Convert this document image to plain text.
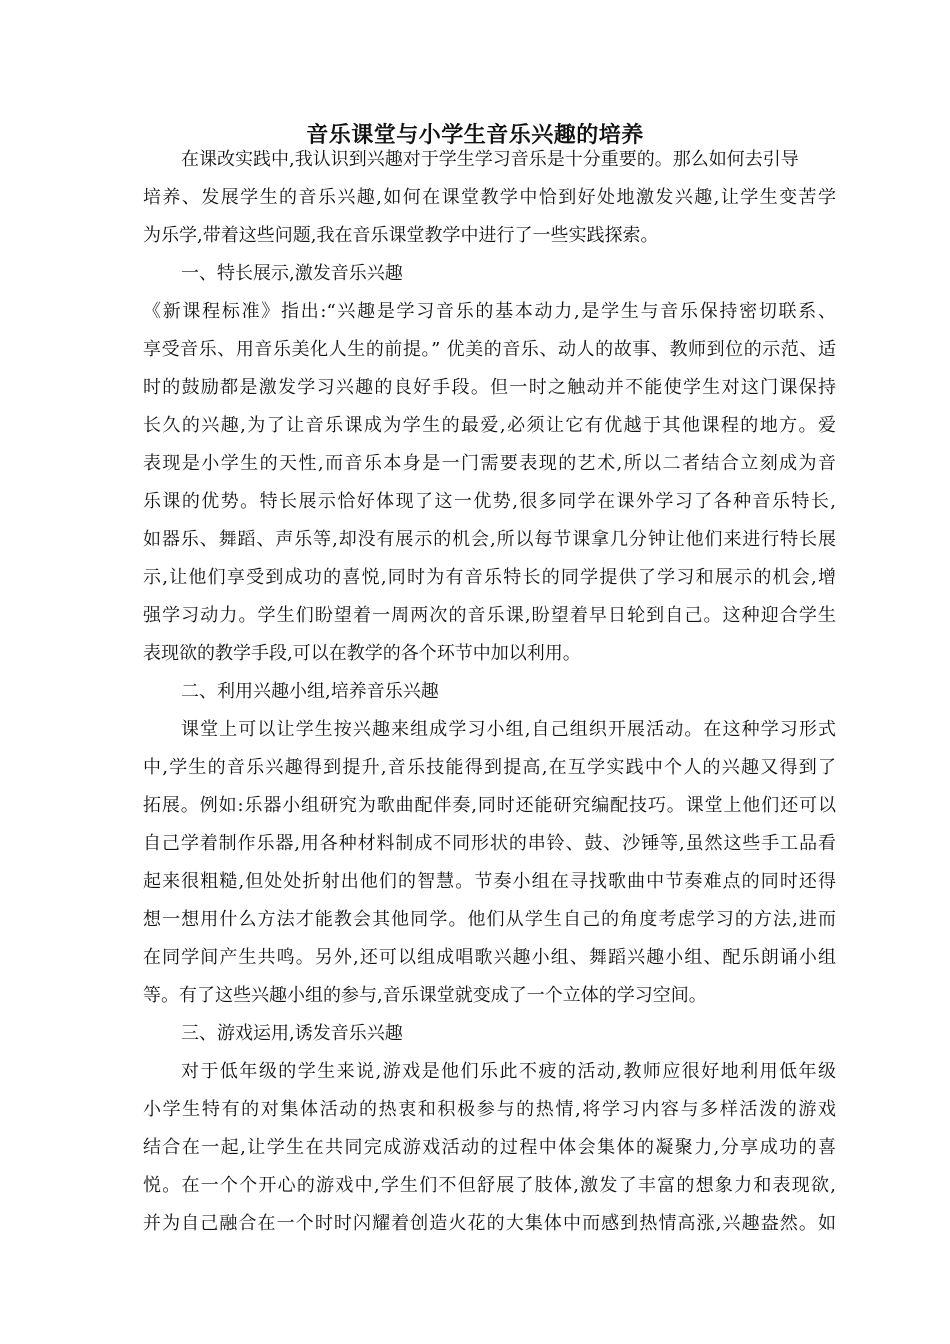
音乐课堂与小学生音乐兴趣的培养
在课改实践中,我认识到兴趣对于学生学习音乐是十分重要的。那么如何去引导
培养、发展学生的音乐兴趣,如何在课堂教学中恰到好处地激发兴趣,让学生变苦学
为乐学,带着这些问题,我在音乐课堂教学中进行了一些实践探索。
一、特长展示,激发音乐兴趣
《新课程标准》指出:“兴趣是学习音乐的基本动力,是学生与音乐保持密切联系、
享受音乐、用音乐美化人生的前提。” 优美的音乐、动人的故事、教师到位的示范、适
时的鼓励都是激发学习兴趣的良好手段。但一时之触动并不能使学生对这门课保持
长久的兴趣,为了让音乐课成为学生的最爱,必须让它有优越于其他课程的地方。爱
表现是小学生的天性,而音乐本身是一门需要表现的艺术,所以二者结合立刻成为音
乐课的优势。特长展示恰好体现了这一优势,很多同学在课外学习了各种音乐特长,
如器乐、舞蹈、声乐等,却没有展示的机会,所以每节课拿几分钟让他们来进行特长展
示,让他们享受到成功的喜悦,同时为有音乐特长的同学提供了学习和展示的机会,增
强学习动力。学生们盼望着一周两次的音乐课,盼望着早日轮到自己。这种迎合学生
表现欲的教学手段,可以在教学的各个环节中加以利用。
二、利用兴趣小组,培养音乐兴趣
课堂上可以让学生按兴趣来组成学习小组,自己组织开展活动。在这种学习形式
中,学生的音乐兴趣得到提升,音乐技能得到提高,在互学实践中个人的兴趣又得到了
拓展。例如:乐器小组研究为歌曲配伴奏,同时还能研究编配技巧。课堂上他们还可以
自己学着制作乐器,用各种材料制成不同形状的串铃、鼓、沙锤等,虽然这些手工品看
起来很粗糙,但处处折射出他们的智慧。节奏小组在寻找歌曲中节奏难点的同时还得
想一想用什么方法才能教会其他同学。他们从学生自己的角度考虑学习的方法,进而
在同学间产生共鸣。另外,还可以组成唱歌兴趣小组、舞蹈兴趣小组、配乐朗诵小组
等。有了这些兴趣小组的参与,音乐课堂就变成了一个立体的学习空间。
三、游戏运用,诱发音乐兴趣
对于低年级的学生来说,游戏是他们乐此不疲的活动,教师应很好地利用低年级
小学生特有的对集体活动的热衷和积极参与的热情,将学习内容与多样活泼的游戏
结合在一起,让学生在共同完成游戏活动的过程中体会集体的凝聚力,分享成功的喜
悦。在一个个开心的游戏中,学生们不但舒展了肢体,激发了丰富的想象力和表现欲,
并为自己融合在一个时时闪耀着创造火花的大集体中而感到热情高涨,兴趣盎然。如
